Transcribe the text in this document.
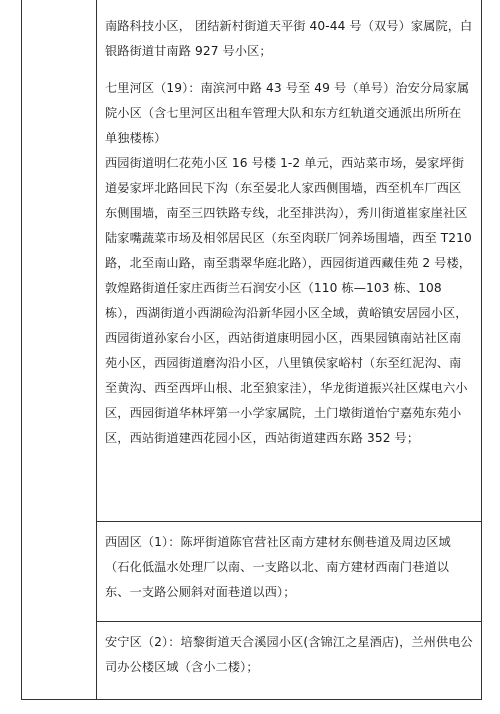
南路科技小区， 团结新村街道天平街 40-44 号（双号）家属院，白银路街道甘南路 927 号小区；

七里河区（19）：南滨河中路 43 号至 49 号（单号）治安分局家属院小区（含七里河区出租车管理大队和东方红轨道交通派出所所在单独楼栋）

西园街道明仁花苑小区 16 号楼 1-2 单元，西站菜市场，晏家坪街道晏家坪北路回民下沟（东至晏北人家西侧围墙，西至机车厂西区东侧围墙，南至三四铁路专线，北至排洪沟），秀川街道崔家崖社区陆家嘴蔬菜市场及相邻居民区（东至肉联厂饲养场围墙，西至 T210 路，北至南山路，南至翡翠华庭北路），西园街道西藏佳苑 2 号楼，敦煌路街道任家庄西街兰石润安小区（110 栋—103 栋、108 栋），西湖街道小西湖硷沟沿新华园小区全域，黄峪镇安居园小区，西园街道孙家台小区，西站街道康明园小区，西果园镇南站社区南苑小区，西园街道磨沟沿小区，八里镇侯家峪村（东至红泥沟、南至黄沟、西至西坪山根、北至狼家洼），华龙街道振兴社区煤电六小区，西园街道华林坪第一小学家属院，土门墩街道怡宁嘉苑东苑小区，西站街道建西花园小区，西站街道建西东路 352 号；

西固区（1）：陈坪街道陈官营社区南方建材东侧巷道及周边区域（石化低温水处理厂以南、一支路以北、南方建材西南门巷道以东、一支路公厕斜对面巷道以西）；

安宁区（2）：培黎街道天合溪园小区(含锦江之星酒店)，兰州供电公司办公楼区域（含小二楼）；
